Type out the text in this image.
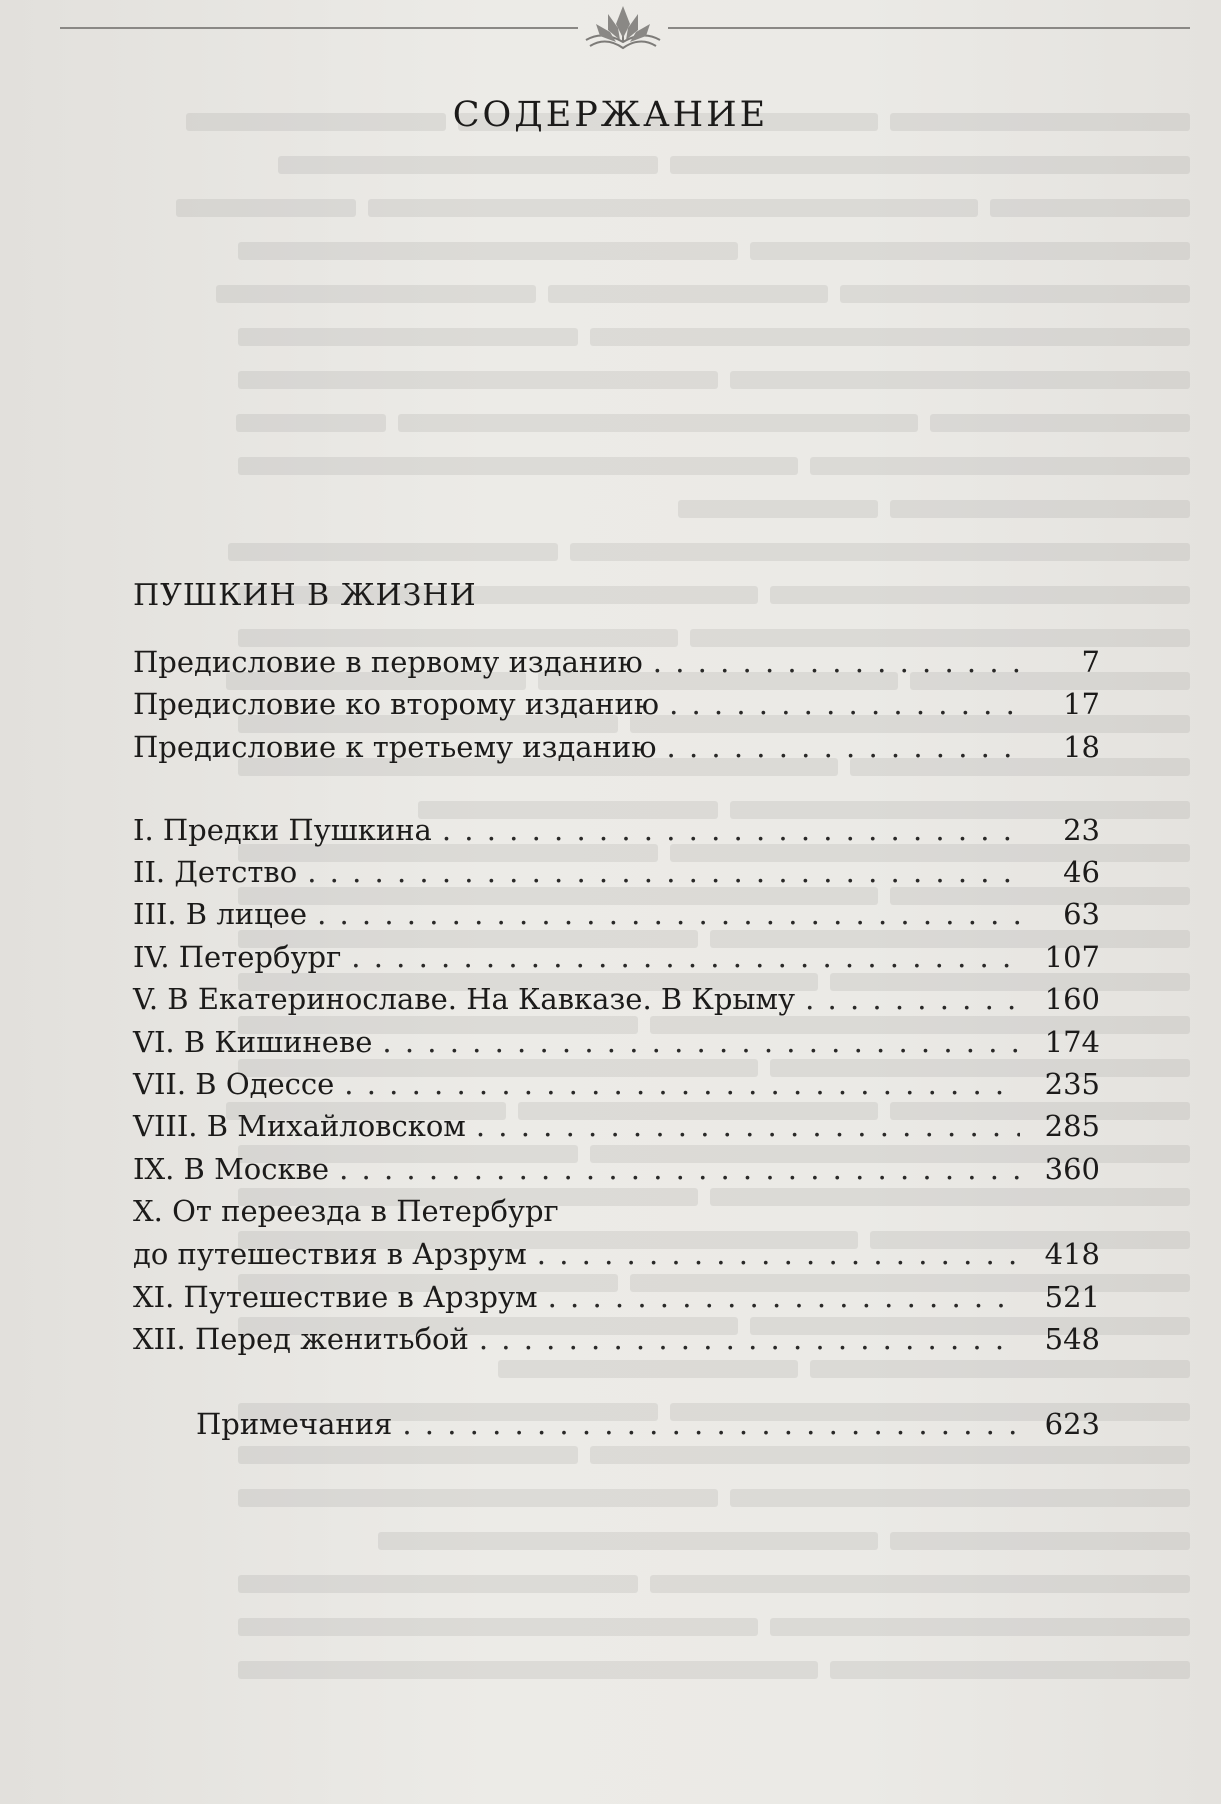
СОДЕРЖАНИЕ
ПУШКИН В ЖИЗНИ
Предисловие в первому изданию . . .	7
Предисловие ко второму изданию . . .	17
Предисловие к третьему изданию . . .	18
I. Предки Пушкина . . .	23
II. Детство . . .	46
III. В лицее . . .	63
IV. Петербург . . .	107
V. В Екатеринославе. На Кавказе. В Крыму . . .	160
VI. В Кишиневе . . .	174
VII. В Одессе . . .	235
VIII. В Михайловском . . .	285
IX. В Москве . . .	360
X. От переезда в Петербург
до путешествия в Арзрум . . .	418
XI. Путешествие в Арзрум . . .	521
XII. Перед женитьбой . . .	548
Примечания . . .	623
